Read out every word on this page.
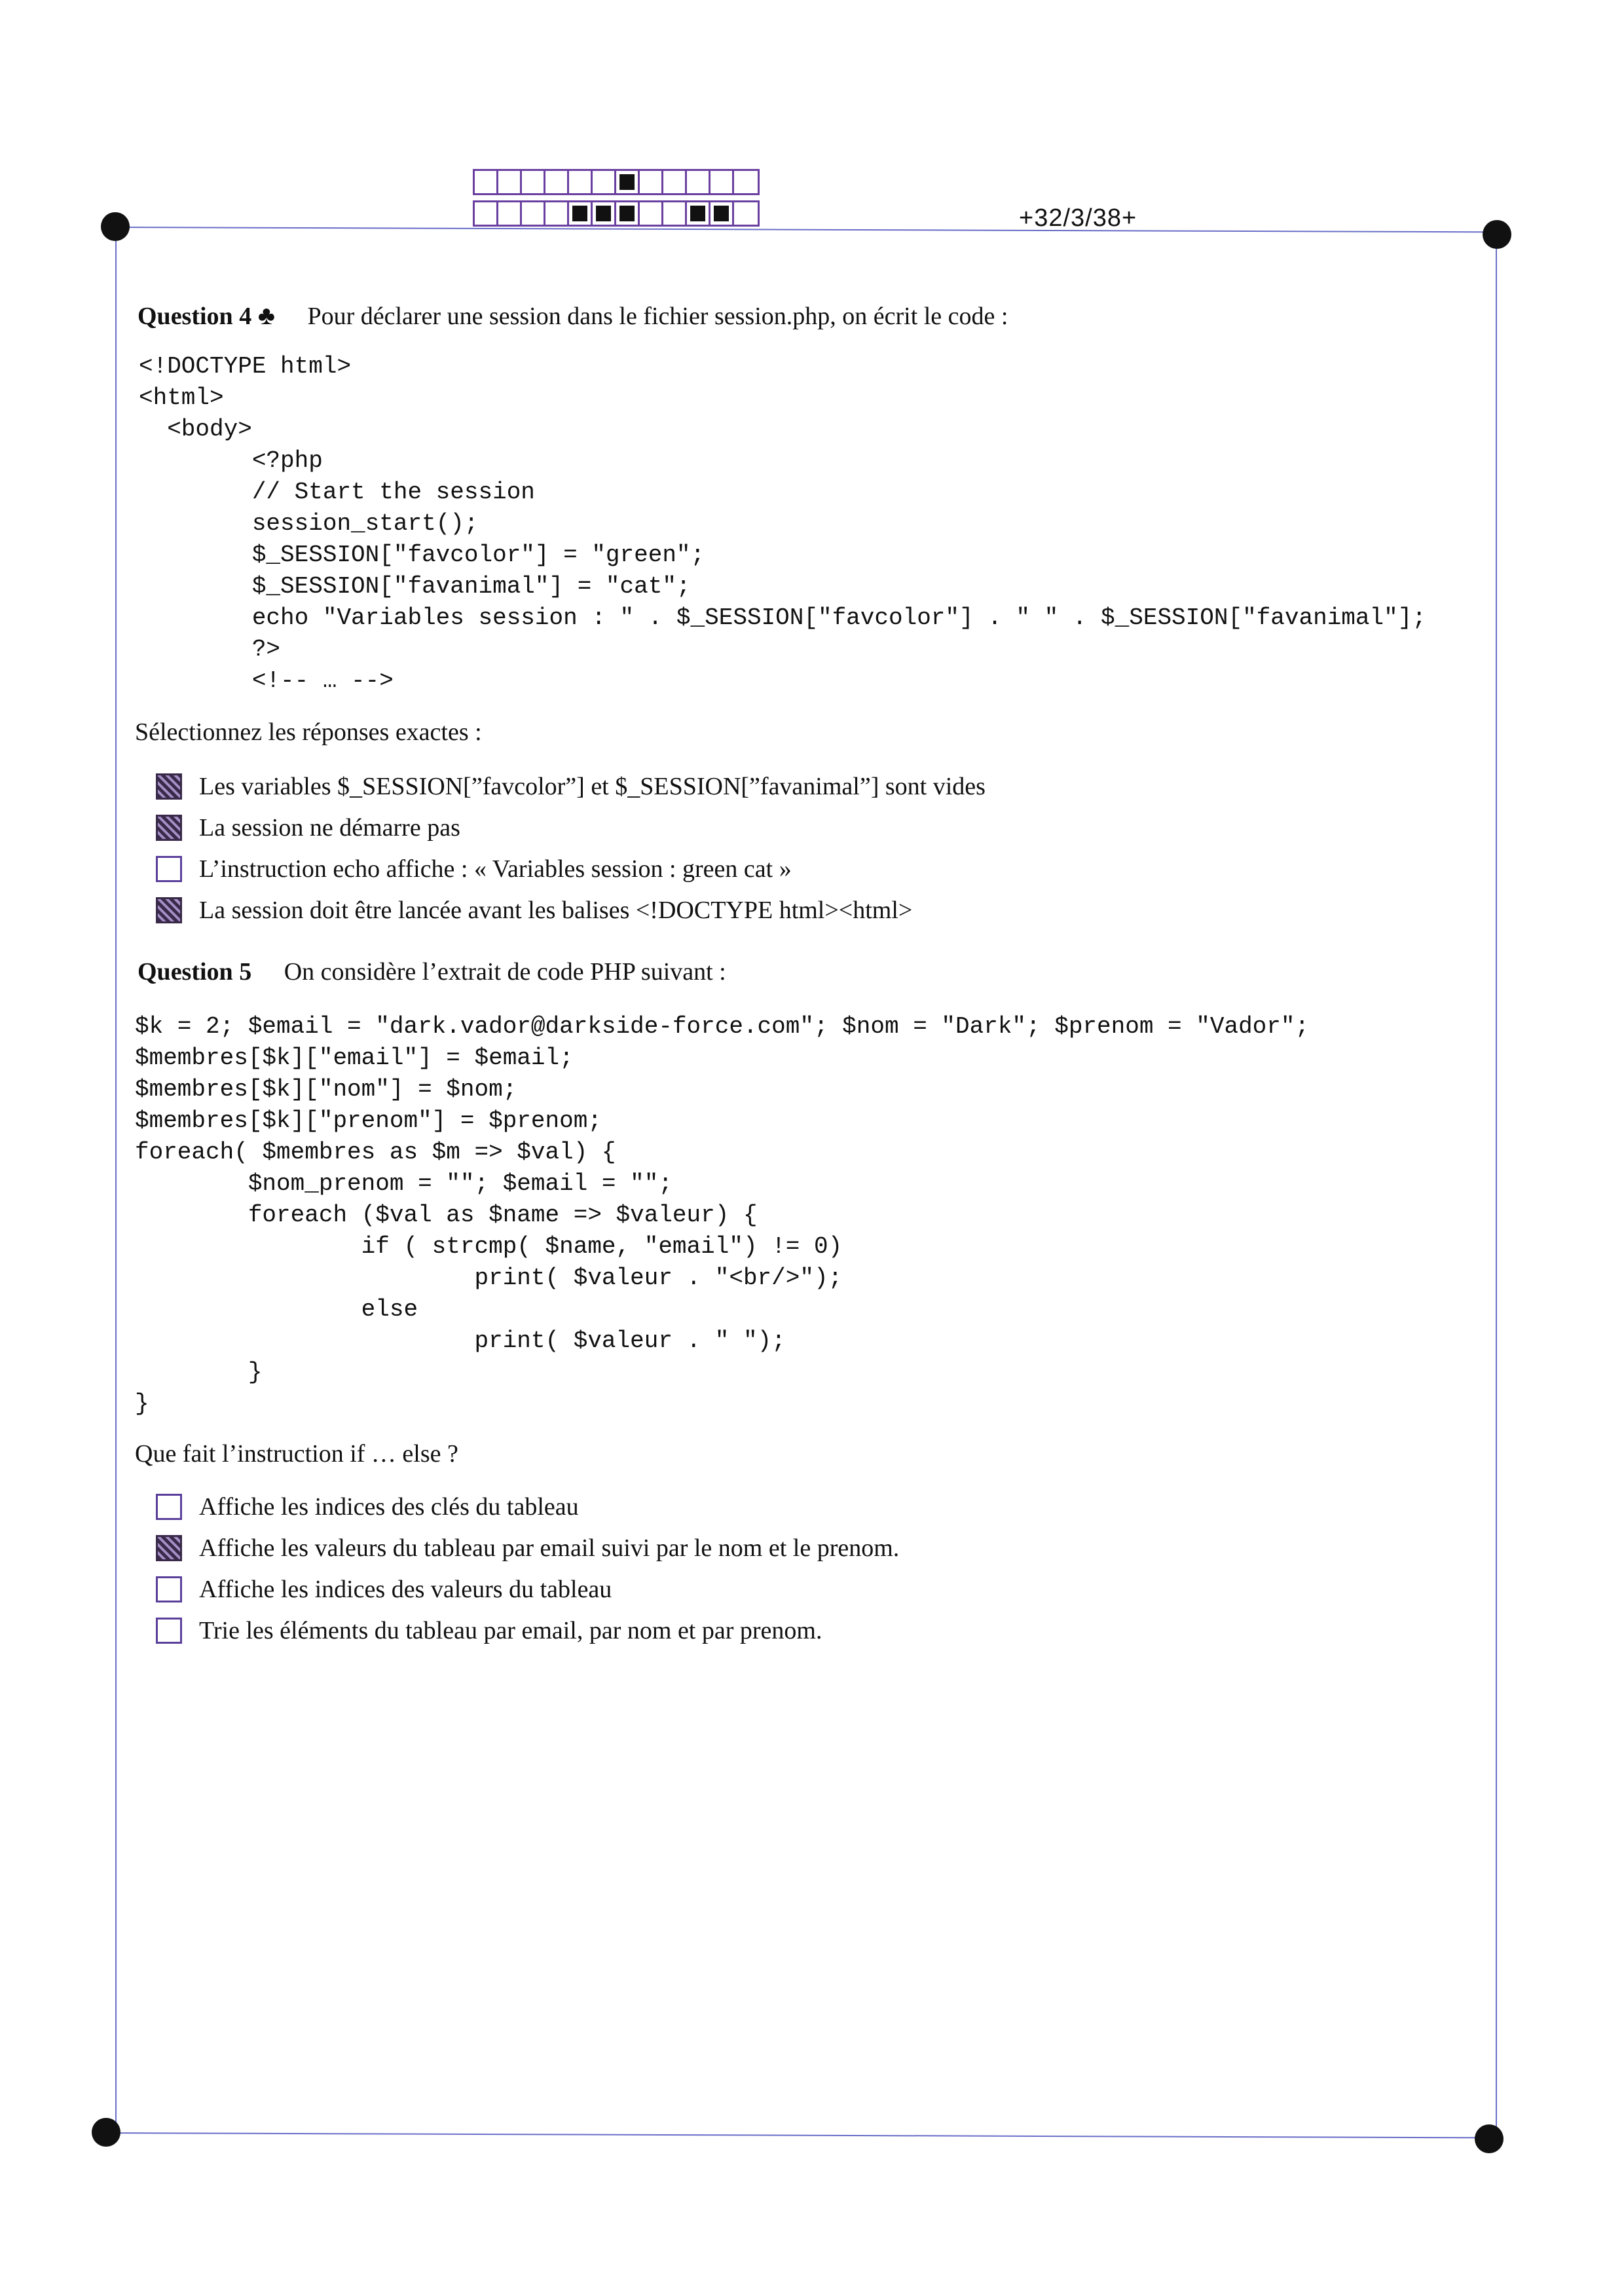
+32/3/38+
Question 4 ♣ Pour déclarer une session dans le fichier session.php, on écrit le code :
<!DOCTYPE html>
<html>
<body>
<?php
// Start the session
session_start();
$_SESSION["favcolor"] = "green";
$_SESSION["favanimal"] = "cat";
echo "Variables session : " . $_SESSION["favcolor"] . " " . $_SESSION["favanimal"];
?>
<!-- … -->
Sélectionnez les réponses exactes :
Les variables $_SESSION[”favcolor”] et $_SESSION[”favanimal”] sont vides
La session ne démarre pas
L’instruction echo affiche : « Variables session : green cat »
La session doit être lancée avant les balises <!DOCTYPE html><html>
Question 5 On considère l’extrait de code PHP suivant :
$k = 2; $email = "dark.vador@darkside-force.com"; $nom = "Dark"; $prenom = "Vador";
$membres[$k]["email"] = $email;
$membres[$k]["nom"] = $nom;
$membres[$k]["prenom"] = $prenom;
foreach( $membres as $m => $val) {
$nom_prenom = ""; $email = "";
foreach ($val as $name => $valeur) {
if ( strcmp( $name, "email") != 0)
print( $valeur . "<br/>");
else
print( $valeur . " ");
}
}
Que fait l’instruction if … else ?
Affiche les indices des clés du tableau
Affiche les valeurs du tableau par email suivi par le nom et le prenom.
Affiche les indices des valeurs du tableau
Trie les éléments du tableau par email, par nom et par prenom.
